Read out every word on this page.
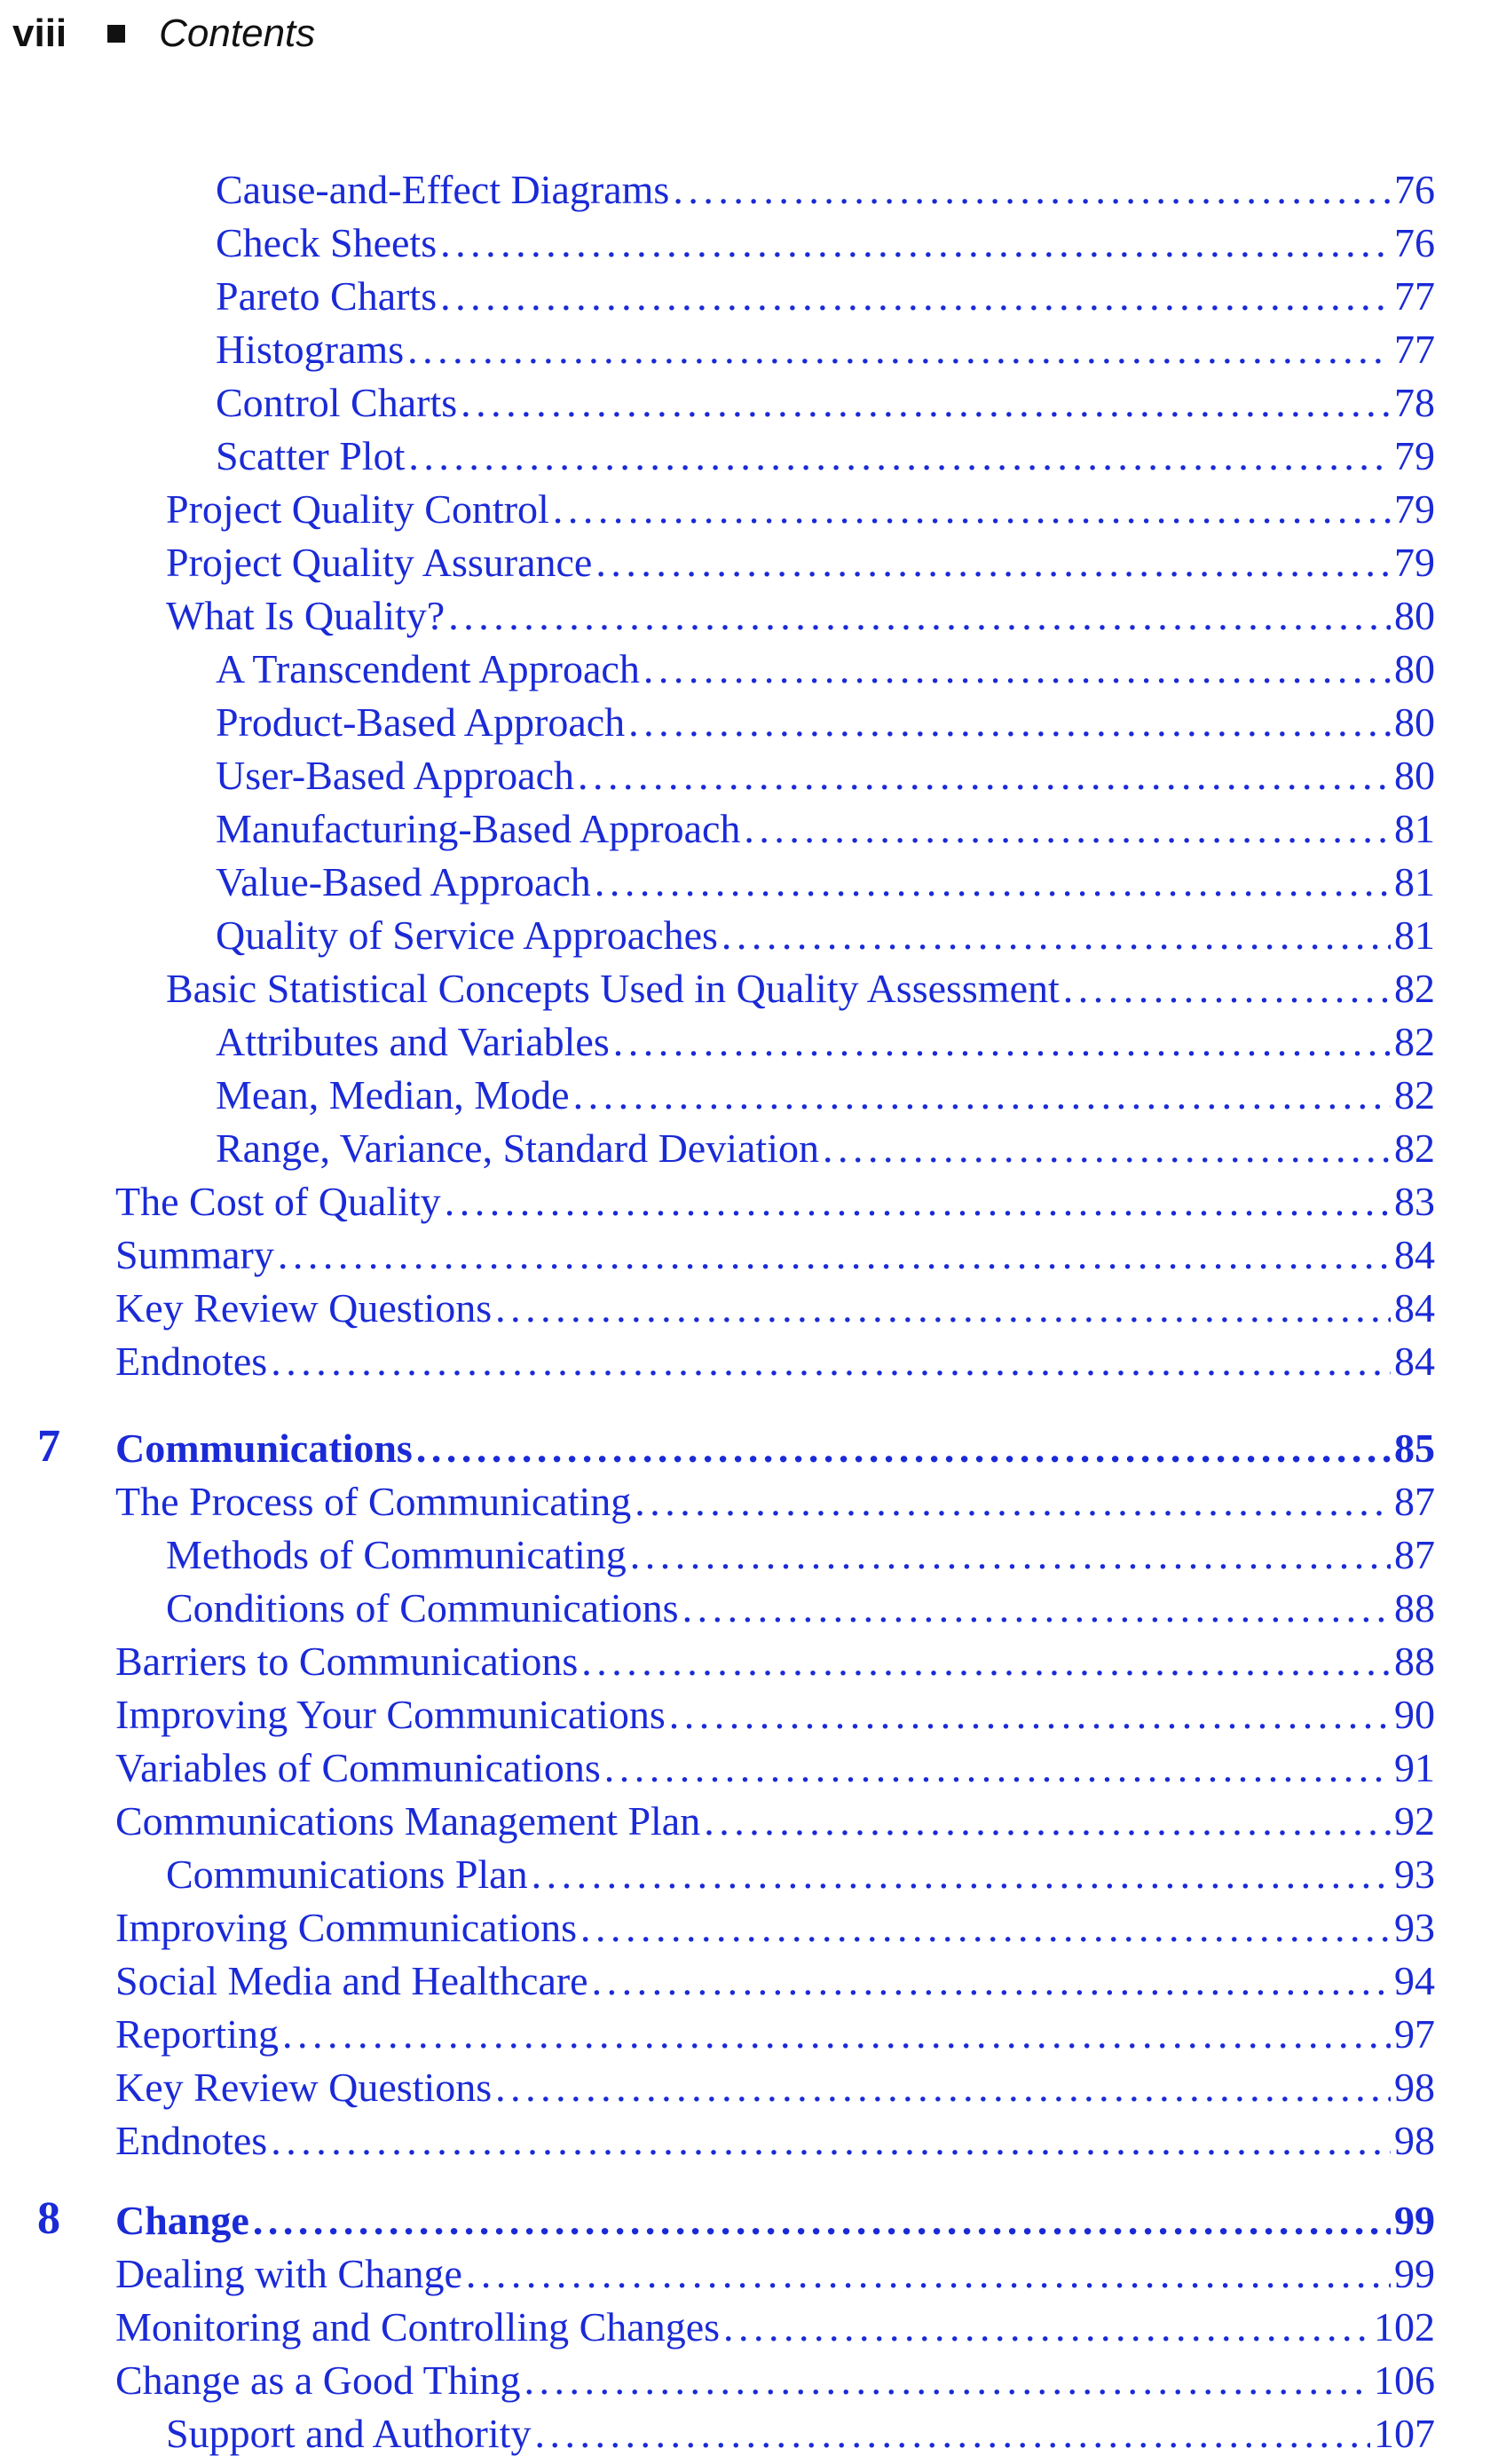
viii Contents
Cause-and-Effect Diagrams . . .	76
Check Sheets . . .	76
Pareto Charts . . .	77
Histograms . . .	77
Control Charts . . .	78
Scatter Plot . . .	79
Project Quality Control . . .	79
Project Quality Assurance . . .	79
What Is Quality? . . .	80
A Transcendent Approach . . .	80
Product-Based Approach . . .	80
User-Based Approach . . .	80
Manufacturing-Based Approach . . .	81
Value-Based Approach . . .	81
Quality of Service Approaches . . .	81
Basic Statistical Concepts Used in Quality Assessment . . .	82
Attributes and Variables . . .	82
Mean, Median, Mode . . .	82
Range, Variance, Standard Deviation . . .	82
The Cost of Quality . . .	83
Summary . . .	84
Key Review Questions . . .	84
Endnotes . . .	84
7 Communications . . .	85
The Process of Communicating . . .	87
Methods of Communicating . . .	87
Conditions of Communications . . .	88
Barriers to Communications . . .	88
Improving Your Communications . . .	90
Variables of Communications . . .	91
Communications Management Plan . . .	92
Communications Plan . . .	93
Improving Communications . . .	93
Social Media and Healthcare . . .	94
Reporting . . .	97
Key Review Questions . . .	98
Endnotes . . .	98
8 Change . . .	99
Dealing with Change . . .	99
Monitoring and Controlling Changes . . .	102
Change as a Good Thing . . .	106
Support and Authority . . .	107
